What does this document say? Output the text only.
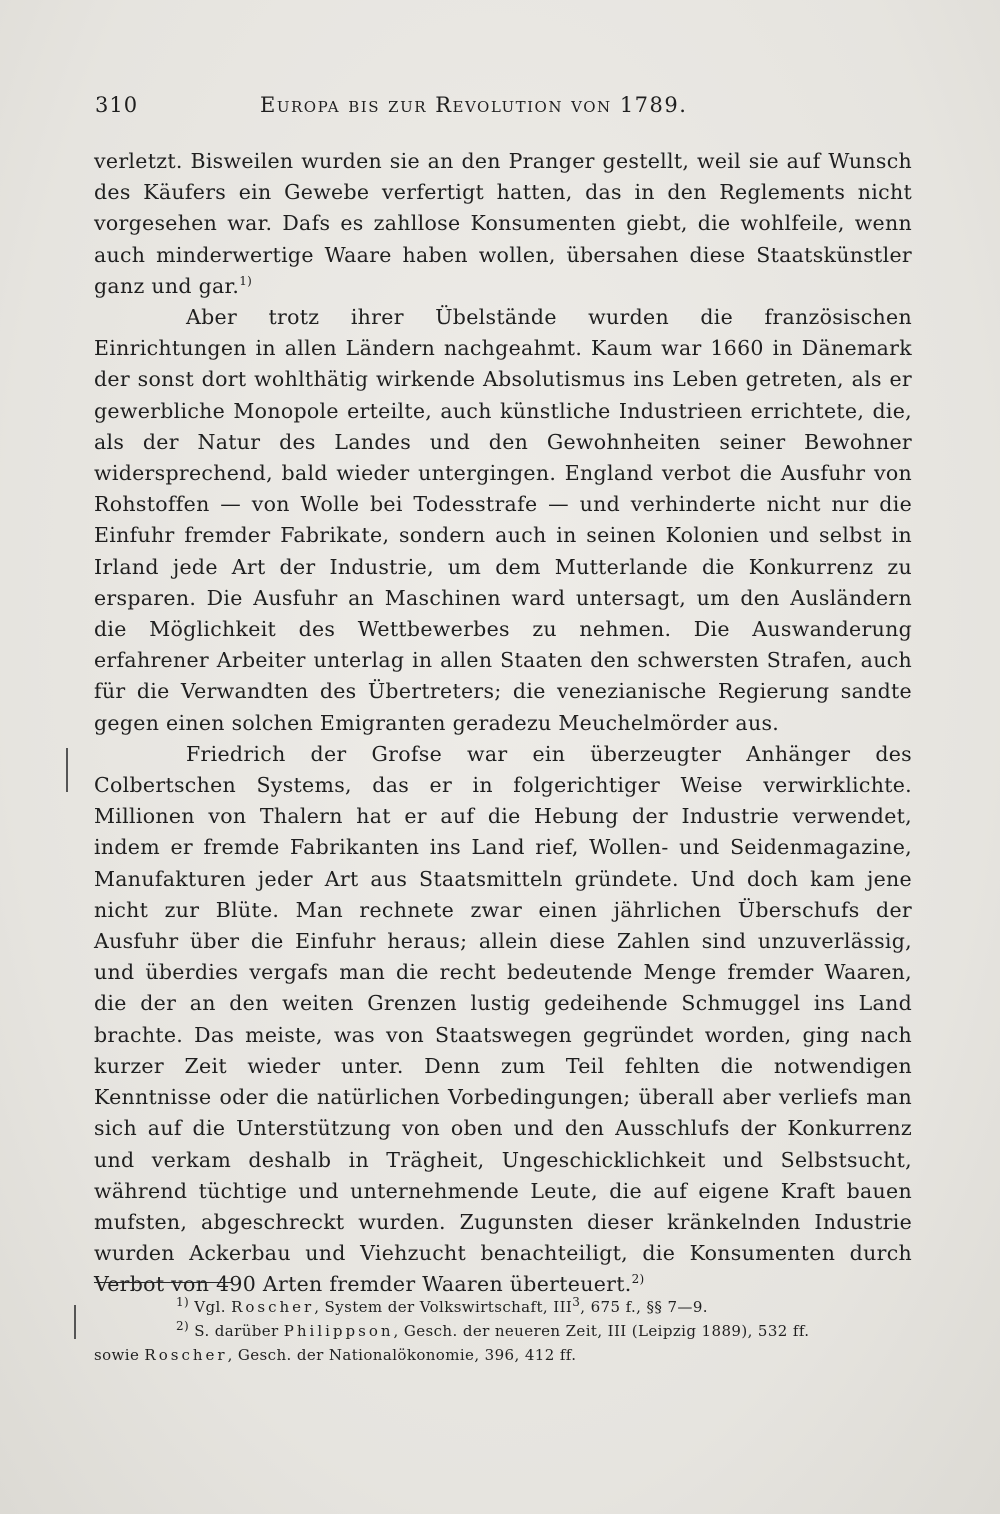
310	Europa bis zur Revolution von 1789.

verletzt. Bisweilen wurden sie an den Pranger gestellt, weil sie auf Wunsch des Käufers ein Gewebe verfertigt hatten, das in den Reglements nicht vorgesehen war. Dafs es zahllose Konsumenten giebt, die wohlfeile, wenn auch minderwertige Waare haben wollen, übersahen diese Staatskünstler ganz und gar.$^{1)}$

Aber trotz ihrer Übelstände wurden die französischen Einrichtungen in allen Ländern nachgeahmt. Kaum war 1660 in Dänemark der sonst dort wohlthätig wirkende Absolutismus ins Leben getreten, als er gewerbliche Monopole erteilte, auch künstliche Industrieen errichtete, die, als der Natur des Landes und den Gewohnheiten seiner Bewohner widersprechend, bald wieder untergingen. England verbot die Ausfuhr von Rohstoffen — von Wolle bei Todesstrafe — und verhinderte nicht nur die Einfuhr fremder Fabrikate, sondern auch in seinen Kolonien und selbst in Irland jede Art der Industrie, um dem Mutterlande die Konkurrenz zu ersparen. Die Ausfuhr an Maschinen ward untersagt, um den Ausländern die Möglichkeit des Wettbewerbes zu nehmen. Die Auswanderung erfahrener Arbeiter unterlag in allen Staaten den schwersten Strafen, auch für die Verwandten des Übertreters; die venezianische Regierung sandte gegen einen solchen Emigranten geradezu Meuchelmörder aus.

Friedrich der Grofse war ein überzeugter Anhänger des Colbertschen Systems, das er in folgerichtiger Weise verwirklichte. Millionen von Thalern hat er auf die Hebung der Industrie verwendet, indem er fremde Fabrikanten ins Land rief, Wollen- und Seidenmagazine, Manufakturen jeder Art aus Staatsmitteln gründete. Und doch kam jene nicht zur Blüte. Man rechnete zwar einen jährlichen Überschufs der Ausfuhr über die Einfuhr heraus; allein diese Zahlen sind unzuverlässig, und überdies vergafs man die recht bedeutende Menge fremder Waaren, die der an den weiten Grenzen lustig gedeihende Schmuggel ins Land brachte. Das meiste, was von Staatswegen gegründet worden, ging nach kurzer Zeit wieder unter. Denn zum Teil fehlten die notwendigen Kenntnisse oder die natürlichen Vorbedingungen; überall aber verliefs man sich auf die Unterstützung von oben und den Ausschlufs der Konkurrenz und verkam deshalb in Trägheit, Ungeschicklichkeit und Selbstsucht, während tüchtige und unternehmende Leute, die auf eigene Kraft bauen mufsten, abgeschreckt wurden. Zugunsten dieser kränkelnden Industrie wurden Ackerbau und Viehzucht benachteiligt, die Konsumenten durch Verbot von 490 Arten fremder Waaren überteuert.$^{2)}$

$^{1)}$ Vgl. Roscher, System der Volkswirtschaft, III$^3$, 675 f., §§ 7—9.

$^{2)}$ S. darüber Philippson, Gesch. der neueren Zeit, III (Leipzig 1889), 532 ff.

sowie Roscher, Gesch. der Nationalökonomie, 396, 412 ff.
